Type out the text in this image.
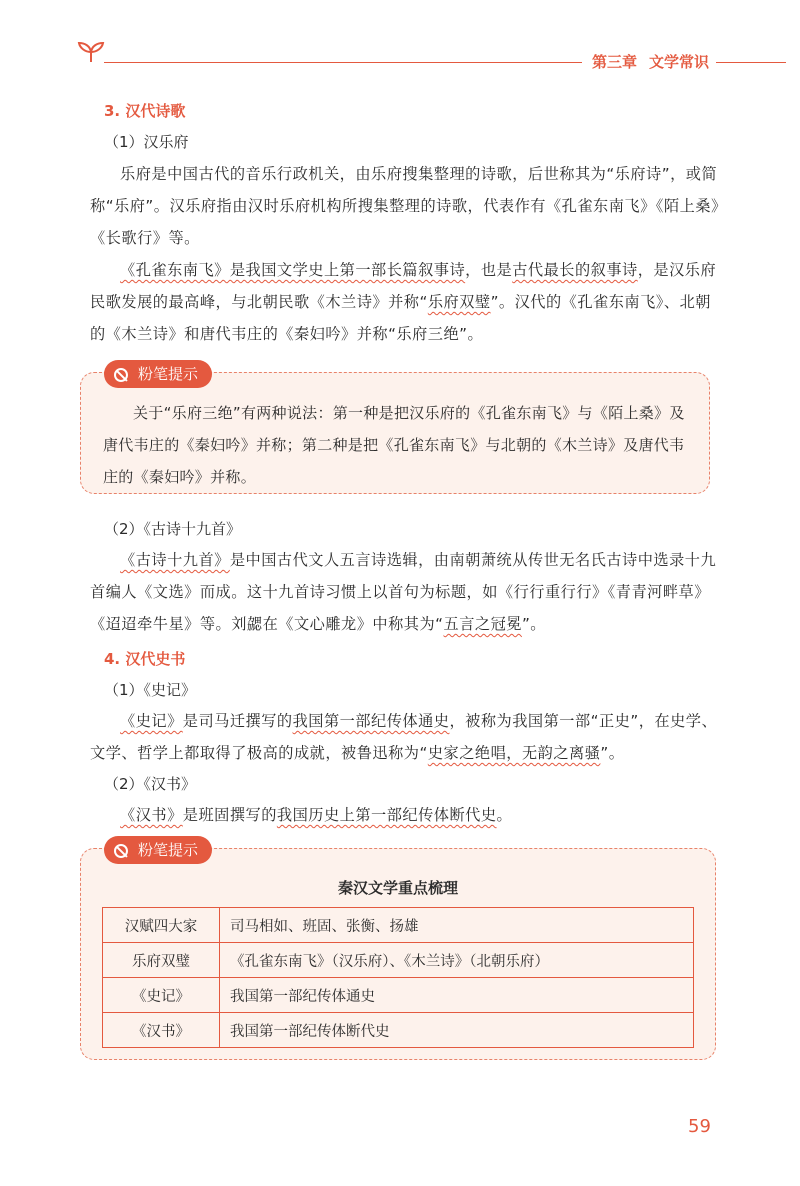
第三章 文学常识
3. 汉代诗歌
（1）汉乐府
乐府是中国古代的音乐行政机关，由乐府搜集整理的诗歌，后世称其为“乐府诗”，或简称“乐府”。汉乐府指由汉时乐府机构所搜集整理的诗歌，代表作有《孔雀东南飞》《陌上桑》《长歌行》等。
《孔雀东南飞》是我国文学史上第一部长篇叙事诗，也是古代最长的叙事诗，是汉乐府民歌发展的最高峰，与北朝民歌《木兰诗》并称“乐府双璧”。汉代的《孔雀东南飞》、北朝的《木兰诗》和唐代韦庄的《秦妇吟》并称“乐府三绝”。
关于“乐府三绝”有两种说法：第一种是把汉乐府的《孔雀东南飞》与《陌上桑》及唐代韦庄的《秦妇吟》并称；第二种是把《孔雀东南飞》与北朝的《木兰诗》及唐代韦庄的《秦妇吟》并称。
粉笔提示
（2）《古诗十九首》
《古诗十九首》是中国古代文人五言诗选辑，由南朝萧统从传世无名氏古诗中选录十九首编人《文选》而成。这十九首诗习惯上以首句为标题，如《行行重行行》《青青河畔草》《迢迢牵牛星》等。刘勰在《文心雕龙》中称其为“五言之冠冕”。
4. 汉代史书
（1）《史记》
《史记》是司马迁撰写的我国第一部纪传体通史，被称为我国第一部“正史”，在史学、文学、哲学上都取得了极高的成就，被鲁迅称为“史家之绝唱，无韵之离骚”。
（2）《汉书》
《汉书》是班固撰写的我国历史上第一部纪传体断代史。
秦汉文学重点梳理
汉赋四大家	司马相如、班固、张衡、扬雄
乐府双璧	《孔雀东南飞》（汉乐府）、《木兰诗》（北朝乐府）
《史记》	我国第一部纪传体通史
《汉书》	我国第一部纪传体断代史
粉笔提示
59
